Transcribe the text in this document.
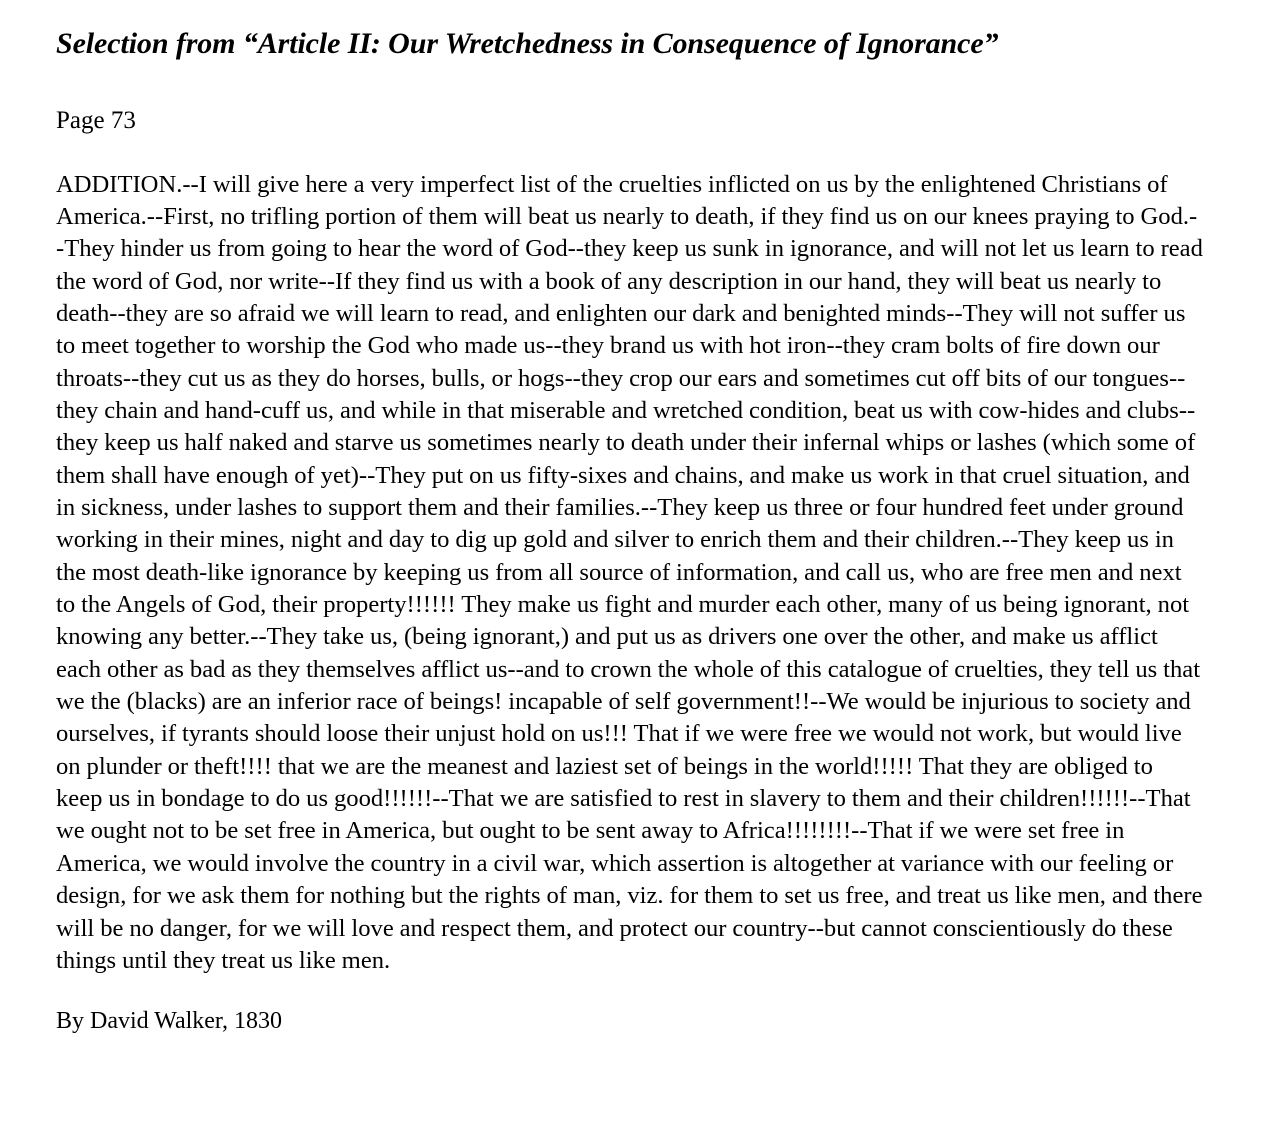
Selection from “Article II: Our Wretchedness in Consequence of Ignorance”
Page 73

ADDITION.--I will give here a very imperfect list of the cruelties inflicted on us by the enlightened Christians of America.--First, no trifling portion of them will beat us nearly to death, if they find us on our knees praying to God.--They hinder us from going to hear the word of God--they keep us sunk in ignorance, and will not let us learn to read the word of God, nor write--If they find us with a book of any description in our hand, they will beat us nearly to death--they are so afraid we will learn to read, and enlighten our dark and benighted minds--They will not suffer us to meet together to worship the God who made us--they brand us with hot iron--they cram bolts of fire down our throats--they cut us as they do horses, bulls, or hogs--they crop our ears and sometimes cut off bits of our tongues--they chain and hand-cuff us, and while in that miserable and wretched condition, beat us with cow-hides and clubs--they keep us half naked and starve us sometimes nearly to death under their infernal whips or lashes (which some of them shall have enough of yet)--They put on us fifty-sixes and chains, and make us work in that cruel situation, and in sickness, under lashes to support them and their families.--They keep us three or four hundred feet under ground working in their mines, night and day to dig up gold and silver to enrich them and their children.--They keep us in the most death-like ignorance by keeping us from all source of information, and call us, who are free men and next to the Angels of God, their property!!!!!! They make us fight and murder each other, many of us being ignorant, not knowing any better.--They take us, (being ignorant,) and put us as drivers one over the other, and make us afflict each other as bad as they themselves afflict us--and to crown the whole of this catalogue of cruelties, they tell us that we the (blacks) are an inferior race of beings! incapable of self government!!--We would be injurious to society and ourselves, if tyrants should loose their unjust hold on us!!! That if we were free we would not work, but would live on plunder or theft!!!! that we are the meanest and laziest set of beings in the world!!!!! That they are obliged to keep us in bondage to do us good!!!!!!--That we are satisfied to rest in slavery to them and their children!!!!!!--That we ought not to be set free in America, but ought to be sent away to Africa!!!!!!!!--That if we were set free in America, we would involve the country in a civil war, which assertion is altogether at variance with our feeling or design, for we ask them for nothing but the rights of man, viz. for them to set us free, and treat us like men, and there will be no danger, for we will love and respect them, and protect our country--but cannot conscientiously do these things until they treat us like men.

By David Walker, 1830
